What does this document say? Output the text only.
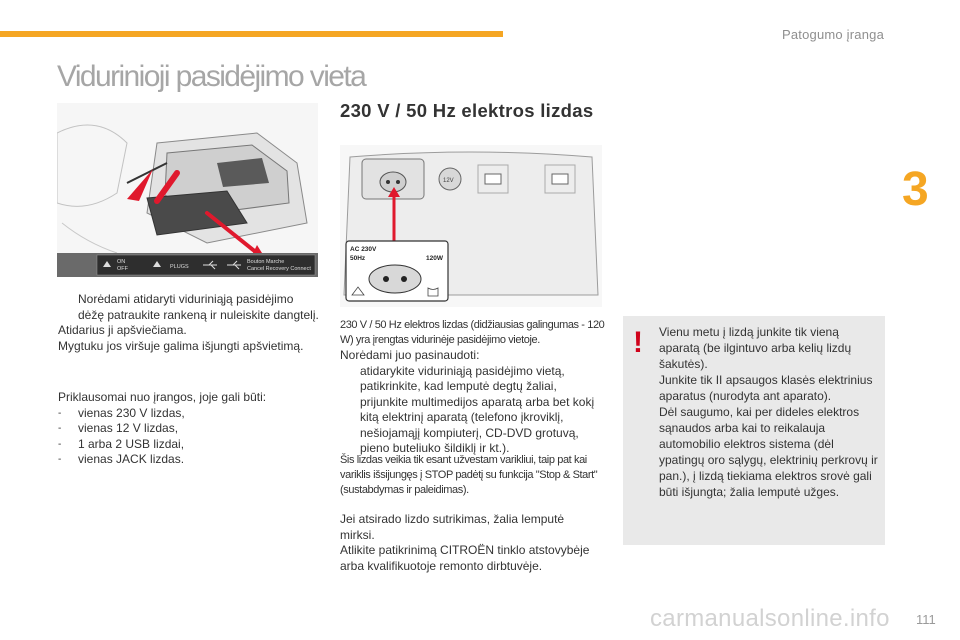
Patogumo įranga
Vidurinioji pasidėjimo vieta
3
ON
OFF	PLUGS
Bouton Marche
Cancel Recovery Connect
Norėdami atidaryti viduriniąją pasidėjimo dėžę patraukite rankeną ir nuleiskite dangtelį.
Atidarius ji apšviečiama.
Mygtuku jos viršuje galima išjungti apšvietimą.
Priklausomai nuo įrangos, joje gali būti:
- vienas 230 V lizdas,
- vienas 12 V lizdas,
- 1 arba 2 USB lizdai,
- vienas JACK lizdas.
230 V / 50 Hz elektros lizdas
12V
AC 230V
50Hz	120W
230 V / 50 Hz elektros lizdas (didžiausias galingumas - 120 W) yra įrengtas vidurinėje pasidėjimo vietoje.
Norėdami juo pasinaudoti:
atidarykite viduriniąją pasidėjimo vietą,
patikrinkite, kad lemputė degtų žaliai,
prijunkite multimedijos aparatą arba bet kokį kitą elektrinį aparatą (telefono įkroviklį, nešiojamąjį kompiuterį, CD-DVD grotuvą, pieno buteliuko šildiklį ir kt.).
Šis lizdas veikia tik esant užvestam varikliui, taip pat kai variklis išsijungęs į STOP padėtį su funkcija "Stop & Start" (sustabdymas ir paleidimas).
Jei atsirado lizdo sutrikimas, žalia lemputė mirksi.
Atlikite patikrinimą CITROËN tinklo atstovybėje arba kvalifikuotoje remonto dirbtuvėje.
! Vienu metu į lizdą junkite tik vieną aparatą (be ilgintuvo arba kelių lizdų šakutės).
Junkite tik II apsaugos klasės elektrinius aparatus (nurodyta ant aparato).
Dėl saugumo, kai per dideles elektros sąnaudos arba kai to reikalauja automobilio elektros sistema (dėl ypatingų oro sąlygų, elektrinių perkrovų ir pan.), į lizdą tiekiama elektros srovė gali būti išjungta; žalia lemputė užges.
carmanualsonline.info 111
